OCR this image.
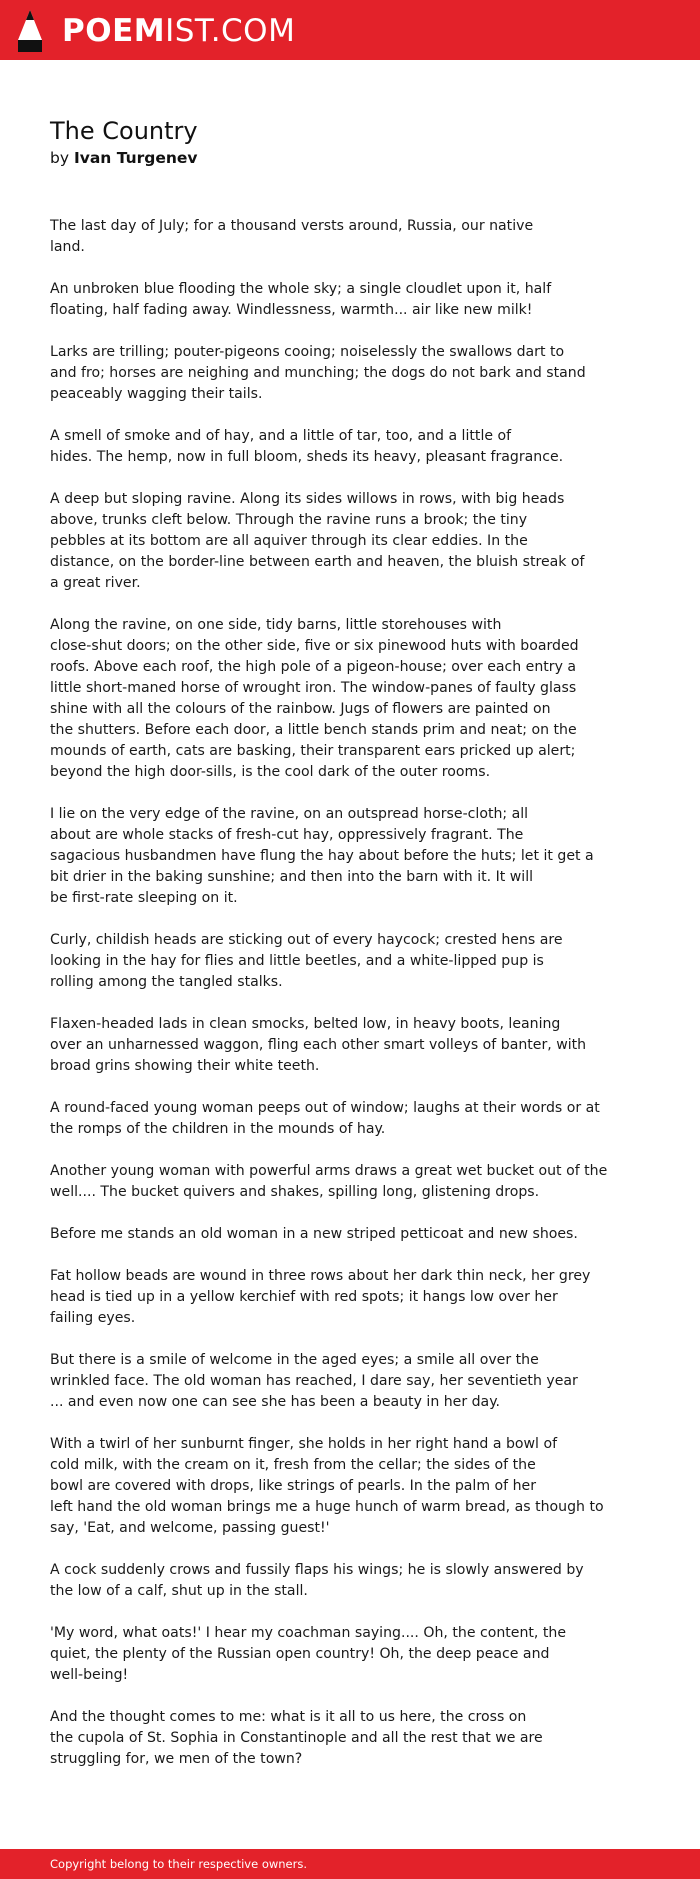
POEMIST.COM
The Country
by Ivan Turgenev

The last day of July; for a thousand versts around, Russia, our native
land.

An unbroken blue flooding the whole sky; a single cloudlet upon it, half
floating, half fading away. Windlessness, warmth... air like new milk!

Larks are trilling; pouter-pigeons cooing; noiselessly the swallows dart to
and fro; horses are neighing and munching; the dogs do not bark and stand
peaceably wagging their tails.

A smell of smoke and of hay, and a little of tar, too, and a little of
hides. The hemp, now in full bloom, sheds its heavy, pleasant fragrance.

A deep but sloping ravine. Along its sides willows in rows, with big heads
above, trunks cleft below. Through the ravine runs a brook; the tiny
pebbles at its bottom are all aquiver through its clear eddies. In the
distance, on the border-line between earth and heaven, the bluish streak of
a great river.

Along the ravine, on one side, tidy barns, little storehouses with
close-shut doors; on the other side, five or six pinewood huts with boarded
roofs. Above each roof, the high pole of a pigeon-house; over each entry a
little short-maned horse of wrought iron. The window-panes of faulty glass
shine with all the colours of the rainbow. Jugs of flowers are painted on
the shutters. Before each door, a little bench stands prim and neat; on the
mounds of earth, cats are basking, their transparent ears pricked up alert;
beyond the high door-sills, is the cool dark of the outer rooms.

I lie on the very edge of the ravine, on an outspread horse-cloth; all
about are whole stacks of fresh-cut hay, oppressively fragrant. The
sagacious husbandmen have flung the hay about before the huts; let it get a
bit drier in the baking sunshine; and then into the barn with it. It will
be first-rate sleeping on it.

Curly, childish heads are sticking out of every haycock; crested hens are
looking in the hay for flies and little beetles, and a white-lipped pup is
rolling among the tangled stalks.

Flaxen-headed lads in clean smocks, belted low, in heavy boots, leaning
over an unharnessed waggon, fling each other smart volleys of banter, with
broad grins showing their white teeth.

A round-faced young woman peeps out of window; laughs at their words or at
the romps of the children in the mounds of hay.

Another young woman with powerful arms draws a great wet bucket out of the
well.... The bucket quivers and shakes, spilling long, glistening drops.

Before me stands an old woman in a new striped petticoat and new shoes.

Fat hollow beads are wound in three rows about her dark thin neck, her grey
head is tied up in a yellow kerchief with red spots; it hangs low over her
failing eyes.

But there is a smile of welcome in the aged eyes; a smile all over the
wrinkled face. The old woman has reached, I dare say, her seventieth year
... and even now one can see she has been a beauty in her day.

With a twirl of her sunburnt finger, she holds in her right hand a bowl of
cold milk, with the cream on it, fresh from the cellar; the sides of the
bowl are covered with drops, like strings of pearls. In the palm of her
left hand the old woman brings me a huge hunch of warm bread, as though to
say, 'Eat, and welcome, passing guest!'

A cock suddenly crows and fussily flaps his wings; he is slowly answered by
the low of a calf, shut up in the stall.

'My word, what oats!' I hear my coachman saying.... Oh, the content, the
quiet, the plenty of the Russian open country! Oh, the deep peace and
well-being!

And the thought comes to me: what is it all to us here, the cross on
the cupola of St. Sophia in Constantinople and all the rest that we are
struggling for, we men of the town?

Copyright belong to their respective owners.
